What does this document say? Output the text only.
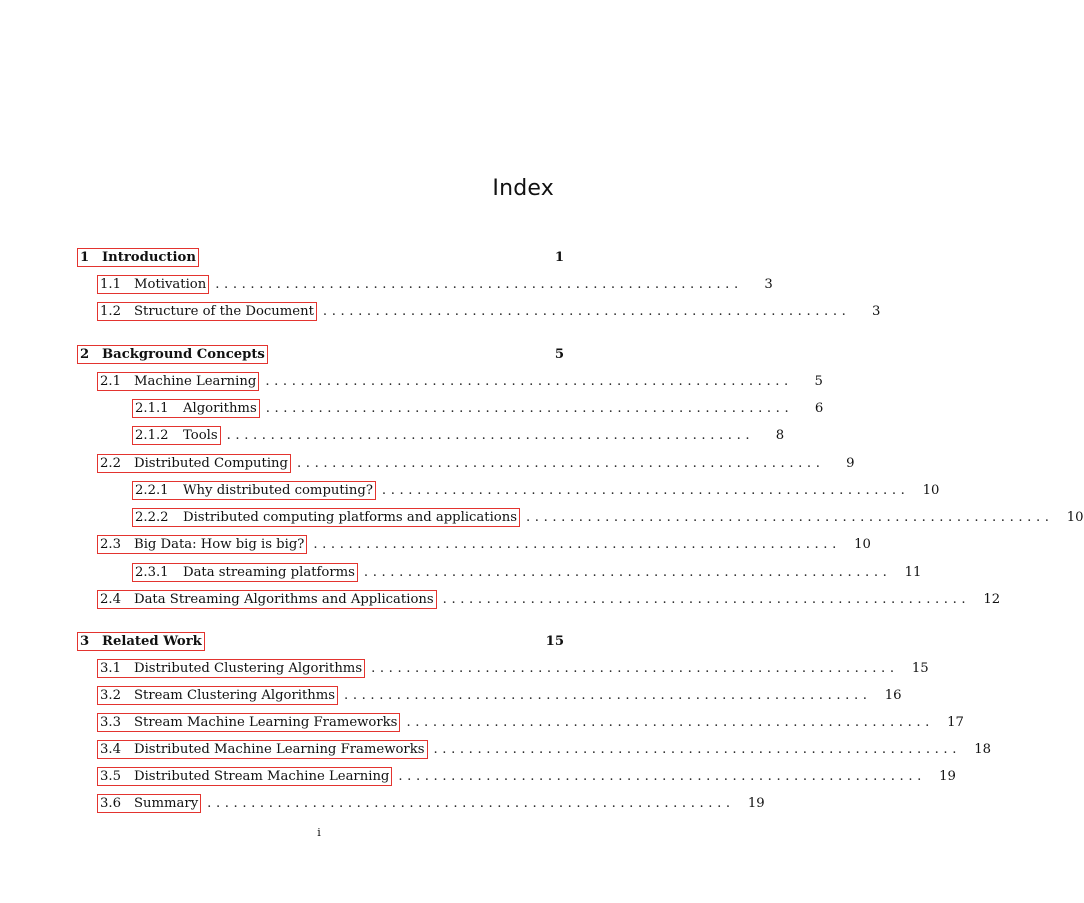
Index
1 Introduction	1
1.1 Motivation ............................................................	3
1.2 Structure of the Document ............................................................	3
2 Background Concepts	5
2.1 Machine Learning ............................................................	5
2.1.1	Algorithms ............................................................	6
2.1.2	Tools ............................................................	8
2.2 Distributed Computing ............................................................	9
2.2.1	Why distributed computing? ............................................................	10
2.2.2	Distributed computing platforms and applications ............................................................	10
2.3 Big Data: How big is big? ............................................................	10
2.3.1	Data streaming platforms ............................................................	11
2.4 Data Streaming Algorithms and Applications ............................................................	12
3 Related Work	15
3.1 Distributed Clustering Algorithms ............................................................	15
3.2 Stream Clustering Algorithms ............................................................	16
3.3 Stream Machine Learning Frameworks ............................................................	17
3.4 Distributed Machine Learning Frameworks ............................................................	18
3.5 Distributed Stream Machine Learning ............................................................	19
3.6 Summary ............................................................	19
i
